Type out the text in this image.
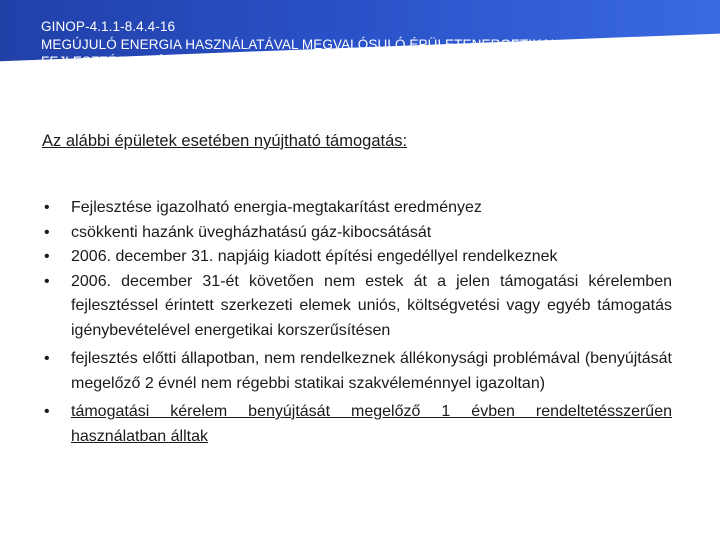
GINOP-4.1.1-8.4.4-16
MEGÚJULÓ ENERGIA HASZNÁLATÁVAL MEGVALÓSULÓ ÉPÜLETENERGETIKAI
FEJLESZTÉSEK TÁMOGATÁSA KOMBINÁLT HITELTERMÉKKEL
Az alábbi épületek esetében nyújtható támogatás:
• Fejlesztése igazolható energia-megtakarítást eredményez
• csökkenti hazánk üvegházhatású gáz-kibocsátását
• 2006. december 31. napjáig kiadott építési engedéllyel rendelkeznek
• 2006. december 31-ét követően nem estek át a jelen támogatási kérelemben fejlesztéssel érintett szerkezeti elemek uniós, költségvetési vagy egyéb támogatás igénybevételével energetikai korszerűsítésen
• fejlesztés előtti állapotban, nem rendelkeznek állékonysági problémával (benyújtását megelőző 2 évnél nem régebbi statikai szakvéleménnyel igazoltan)
• támogatási kérelem benyújtását megelőző 1 évben rendeltetésszerűen használatban álltak
